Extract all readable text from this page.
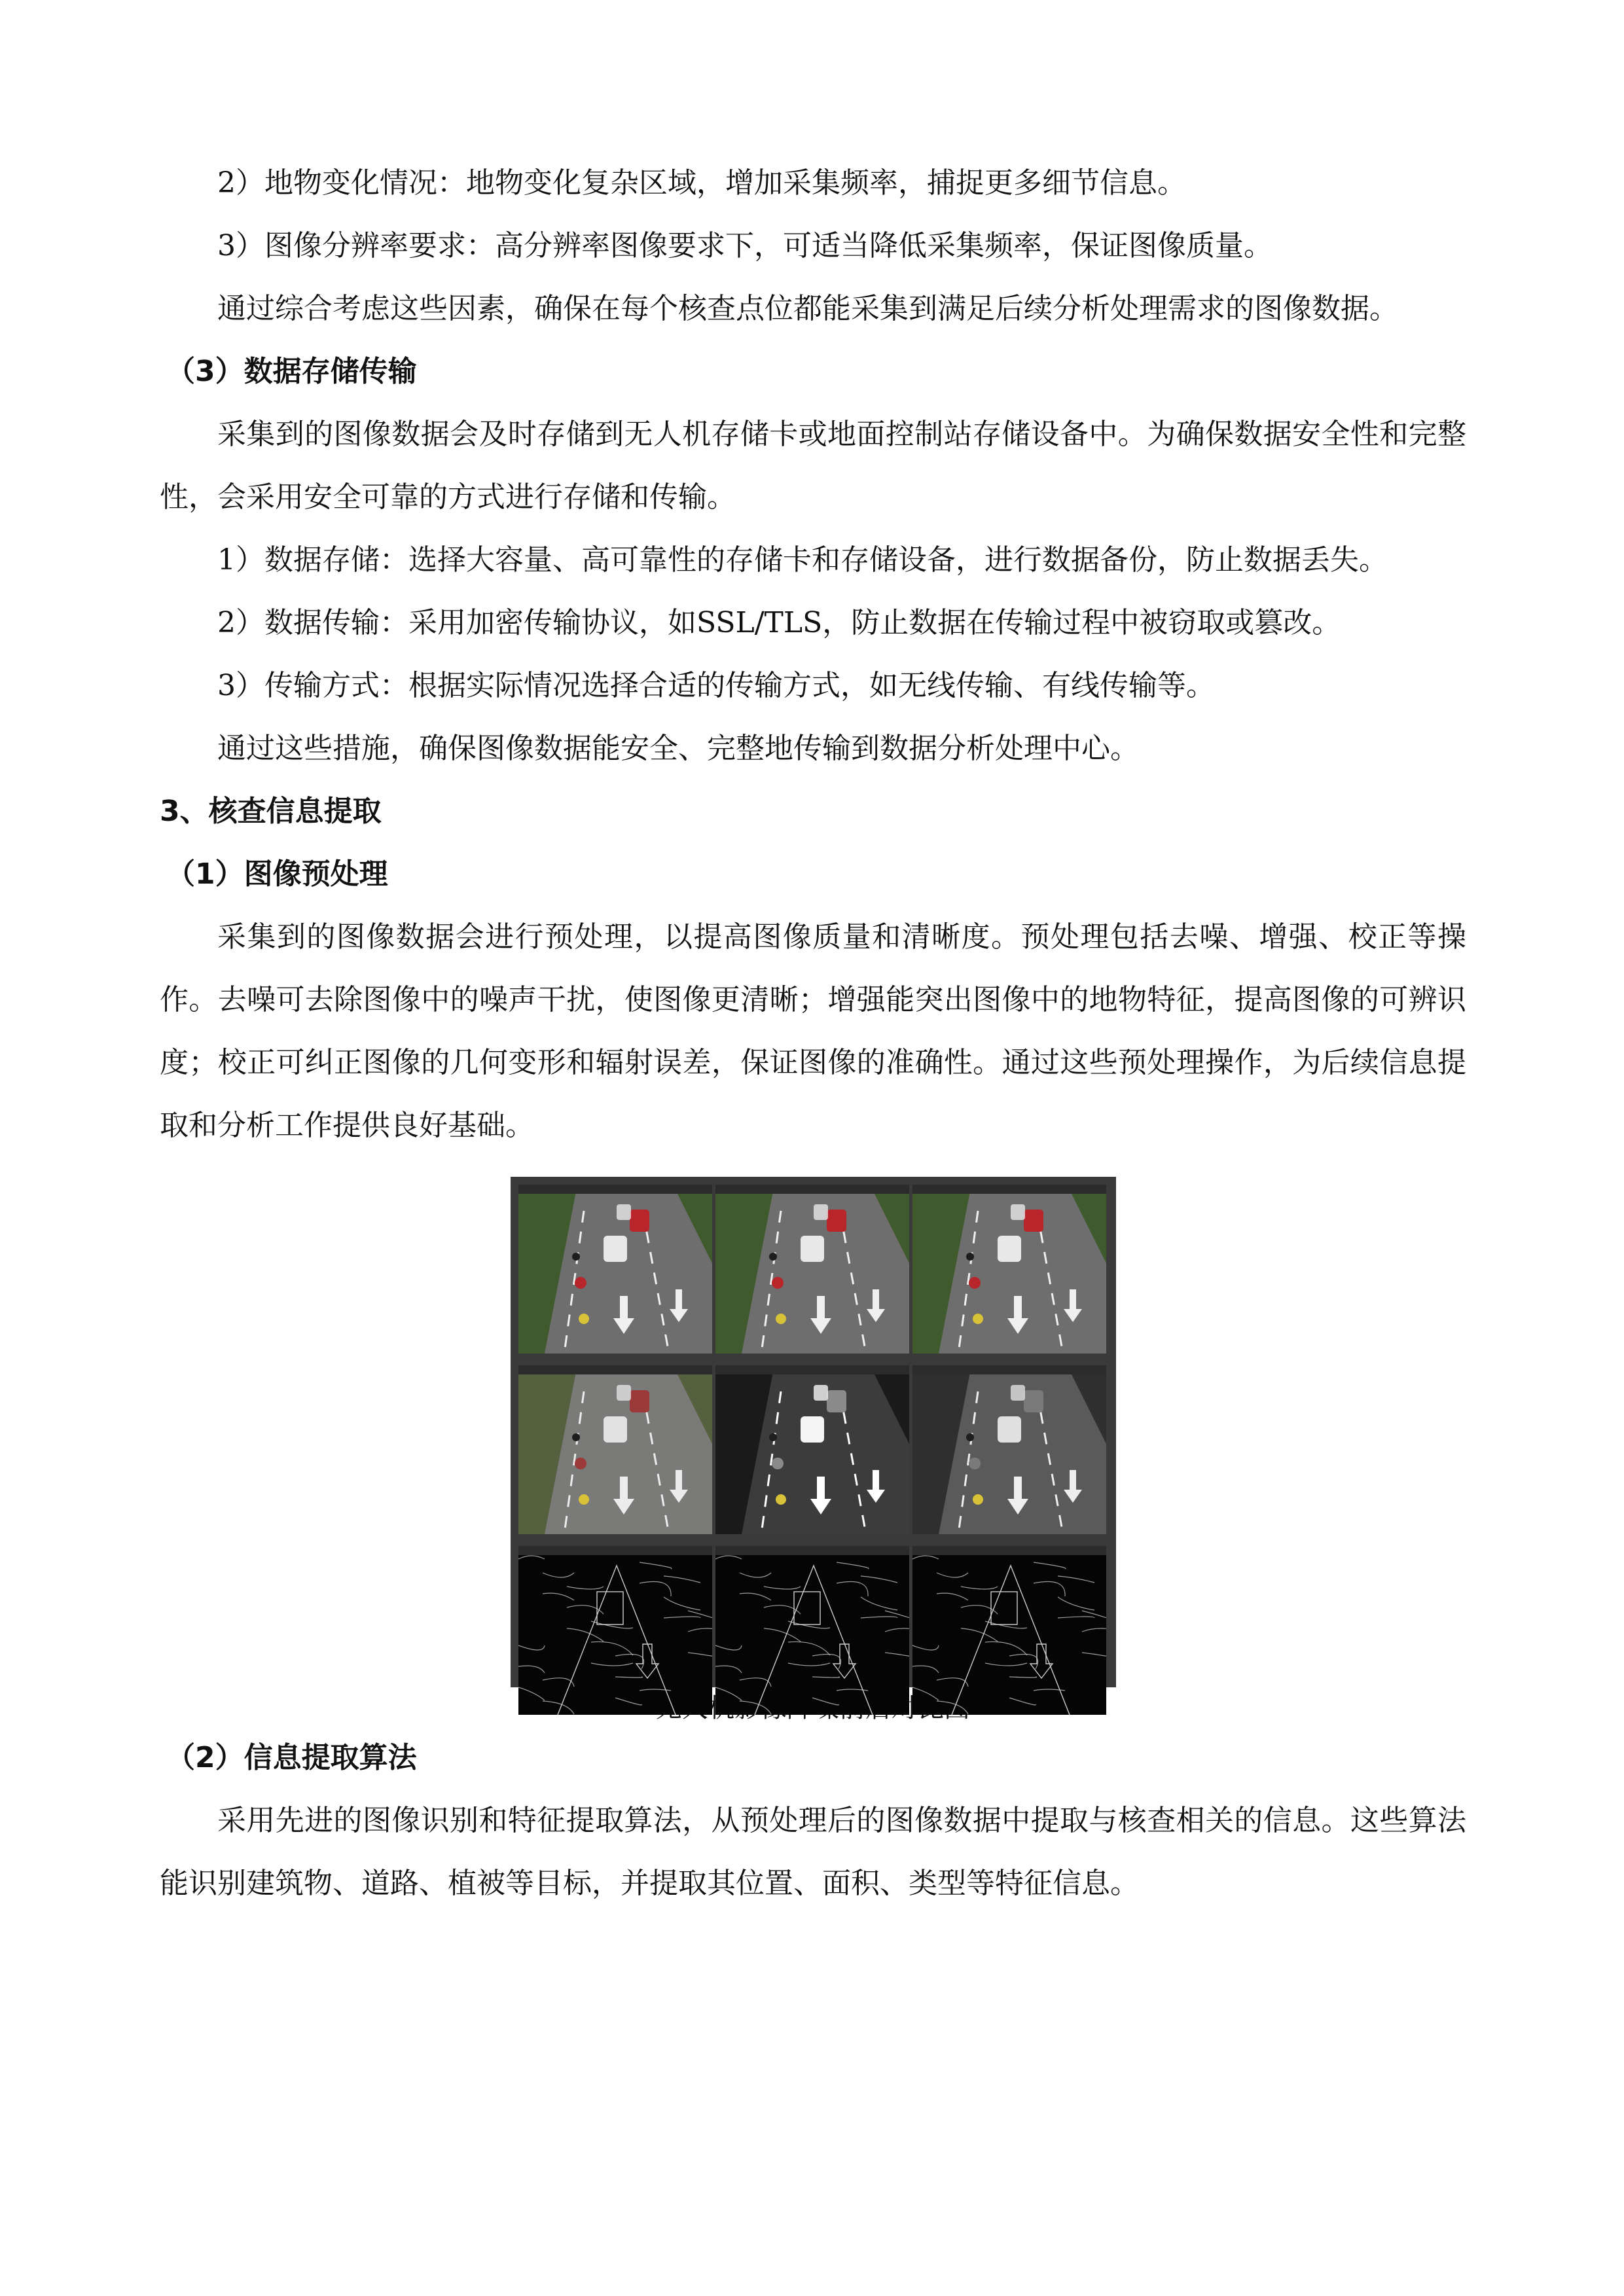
2）地物变化情况：地物变化复杂区域，增加采集频率，捕捉更多细节信息。

3）图像分辨率要求：高分辨率图像要求下，可适当降低采集频率，保证图像质量。

通过综合考虑这些因素，确保在每个核查点位都能采集到满足后续分析处理需求的图像数据。

（3）数据存储传输

采集到的图像数据会及时存储到无人机存储卡或地面控制站存储设备中。为确保数据安全性和完整性，会采用安全可靠的方式进行存储和传输。

1）数据存储：选择大容量、高可靠性的存储卡和存储设备，进行数据备份，防止数据丢失。

2）数据传输：采用加密传输协议，如SSL/TLS，防止数据在传输过程中被窃取或篡改。

3）传输方式：根据实际情况选择合适的传输方式，如无线传输、有线传输等。

通过这些措施，确保图像数据能安全、完整地传输到数据分析处理中心。

3、核查信息提取

（1）图像预处理

采集到的图像数据会进行预处理，以提高图像质量和清晰度。预处理包括去噪、增强、校正等操作。去噪可去除图像中的噪声干扰，使图像更清晰；增强能突出图像中的地物特征，提高图像的可辨识度；校正可纠正图像的几何变形和辐射误差，保证图像的准确性。通过这些预处理操作，为后续信息提取和分析工作提供良好基础。

（2）信息提取算法

采用先进的图像识别和特征提取算法，从预处理后的图像数据中提取与核查相关的信息。这些算法能识别建筑物、道路、植被等目标，并提取其位置、面积、类型等特征信息。
